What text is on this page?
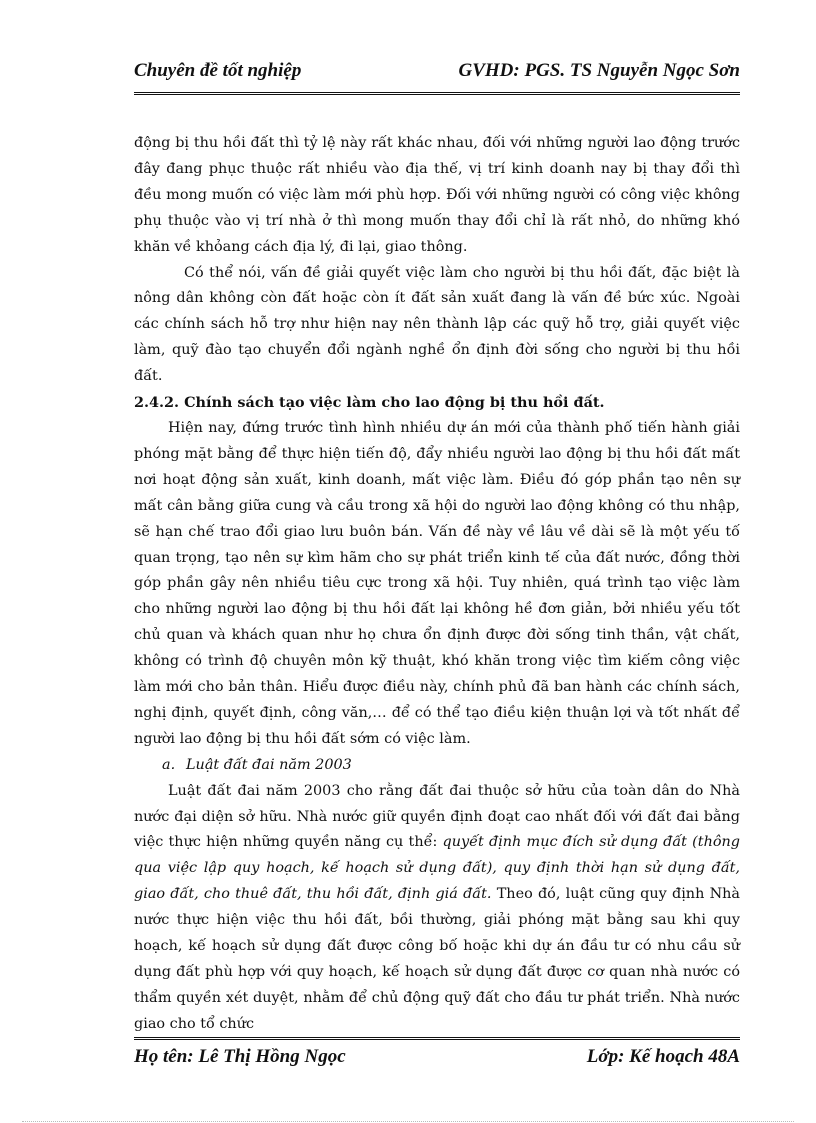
Chuyên đề tốt nghiệp	GVHD: PGS. TS Nguyễn Ngọc Sơn

động bị thu hồi đất thì tỷ lệ này rất khác nhau, đối với những người lao động trước đây đang phục thuộc rất nhiều vào địa thế, vị trí kinh doanh nay bị thay đổi thì đều mong muốn có việc làm mới phù hợp. Đối với những người có công việc không phụ thuộc vào vị trí nhà ở thì mong muốn thay đổi chỉ là rất nhỏ, do những khó khăn về khỏang cách địa lý, đi lại, giao thông.

Có thể nói, vấn đề giải quyết việc làm cho người bị thu hồi đất, đặc biệt là nông dân không còn đất hoặc còn ít đất sản xuất đang là vấn đề bức xúc. Ngoài các chính sách hỗ trợ như hiện nay nên thành lập các quỹ hỗ trợ, giải quyết việc làm, quỹ đào tạo chuyển đổi ngành nghề ổn định đời sống cho người bị thu hồi đất.

2.4.2. Chính sách tạo việc làm cho lao động bị thu hồi đất.

Hiện nay, đứng trước tình hình nhiều dự án mới của thành phố tiến hành giải phóng mặt bằng để thực hiện tiến độ, đẩy nhiều người lao động bị thu hồi đất mất nơi hoạt động sản xuất, kinh doanh, mất việc làm. Điều đó góp phần tạo nên sự mất cân bằng giữa cung và cầu trong xã hội do người lao động không có thu nhập, sẽ hạn chế trao đổi giao lưu buôn bán. Vấn đề này về lâu về dài sẽ là một yếu tố quan trọng, tạo nên sự kìm hãm cho sự phát triển kinh tế của đất nước, đồng thời góp phần gây nên nhiều tiêu cực trong xã hội. Tuy nhiên, quá trình tạo việc làm cho những người lao động bị thu hồi đất lại không hề đơn giản, bởi nhiều yếu tốt chủ quan và khách quan như họ chưa ổn định được đời sống tinh thần, vật chất, không có trình độ chuyên môn kỹ thuật, khó khăn trong việc tìm kiếm công việc làm mới cho bản thân. Hiểu được điều này, chính phủ đã ban hành các chính sách, nghị định, quyết định, công văn,… để có thể tạo điều kiện thuận lợi và tốt nhất để người lao động bị thu hồi đất sớm có việc làm.

a. Luật đất đai năm 2003

Luật đất đai năm 2003 cho rằng đất đai thuộc sở hữu của toàn dân do Nhà nước đại diện sở hữu. Nhà nước giữ quyền định đoạt cao nhất đối với đất đai bằng việc thực hiện những quyền năng cụ thể: quyết định mục đích sử dụng đất (thông qua việc lập quy hoạch, kế hoạch sử dụng đất), quy định thời hạn sử dụng đất, giao đất, cho thuê đất, thu hồi đất, định giá đất. Theo đó, luật cũng quy định Nhà nước thực hiện việc thu hồi đất, bồi thường, giải phóng mặt bằng sau khi quy hoạch, kế hoạch sử dụng đất được công bố hoặc khi dự án đầu tư có nhu cầu sử dụng đất phù hợp với quy hoạch, kế hoạch sử dụng đất được cơ quan nhà nước có thẩm quyền xét duyệt, nhằm để chủ động quỹ đất cho đầu tư phát triển. Nhà nước giao cho tổ chức

Họ tên: Lê Thị Hồng Ngọc	Lớp: Kế hoạch 48A
